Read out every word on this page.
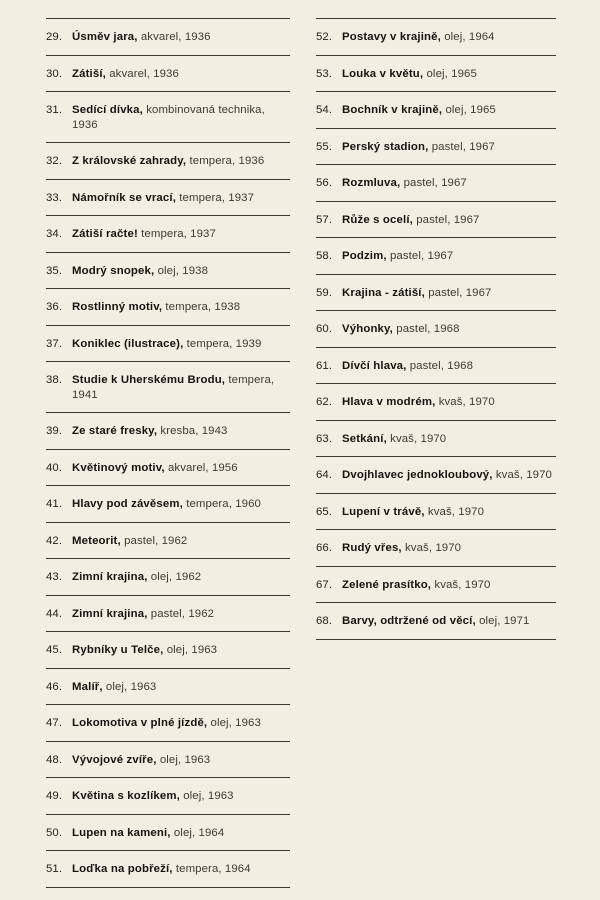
29. Úsměv jara, akvarel, 1936
30. Zátiší, akvarel, 1936
31. Sedící dívka, kombinovaná technika, 1936
32. Z královské zahrady, tempera, 1936
33. Námořník se vrací, tempera, 1937
34. Zátiší račte! tempera, 1937
35. Modrý snopek, olej, 1938
36. Rostlinný motiv, tempera, 1938
37. Koniklec (ilustrace), tempera, 1939
38. Studie k Uherskému Brodu, tempera, 1941
39. Ze staré fresky, kresba, 1943
40. Květinový motiv, akvarel, 1956
41. Hlavy pod závěsem, tempera, 1960
42. Meteorit, pastel, 1962
43. Zimní krajina, olej, 1962
44. Zimní krajina, pastel, 1962
45. Rybníky u Telče, olej, 1963
46. Malíř, olej, 1963
47. Lokomotiva v plné jízdě, olej, 1963
48. Vývojové zvíře, olej, 1963
49. Květina s kozlíkem, olej, 1963
50. Lupen na kameni, olej, 1964
51. Loďka na pobřeží, tempera, 1964
52. Postavy v krajině, olej, 1964
53. Louka v květu, olej, 1965
54. Bochník v krajině, olej, 1965
55. Perský stadion, pastel, 1967
56. Rozmluva, pastel, 1967
57. Růže s ocelí, pastel, 1967
58. Podzim, pastel, 1967
59. Krajina - zátiší, pastel, 1967
60. Výhonky, pastel, 1968
61. Dívčí hlava, pastel, 1968
62. Hlava v modrém, kvaš, 1970
63. Setkání, kvaš, 1970
64. Dvojhlavec jednokloubový, kvaš, 1970
65. Lupení v trávě, kvaš, 1970
66. Rudý vřes, kvaš, 1970
67. Zelené prasítko, kvaš, 1970
68. Barvy, odtržené od věcí, olej, 1971
